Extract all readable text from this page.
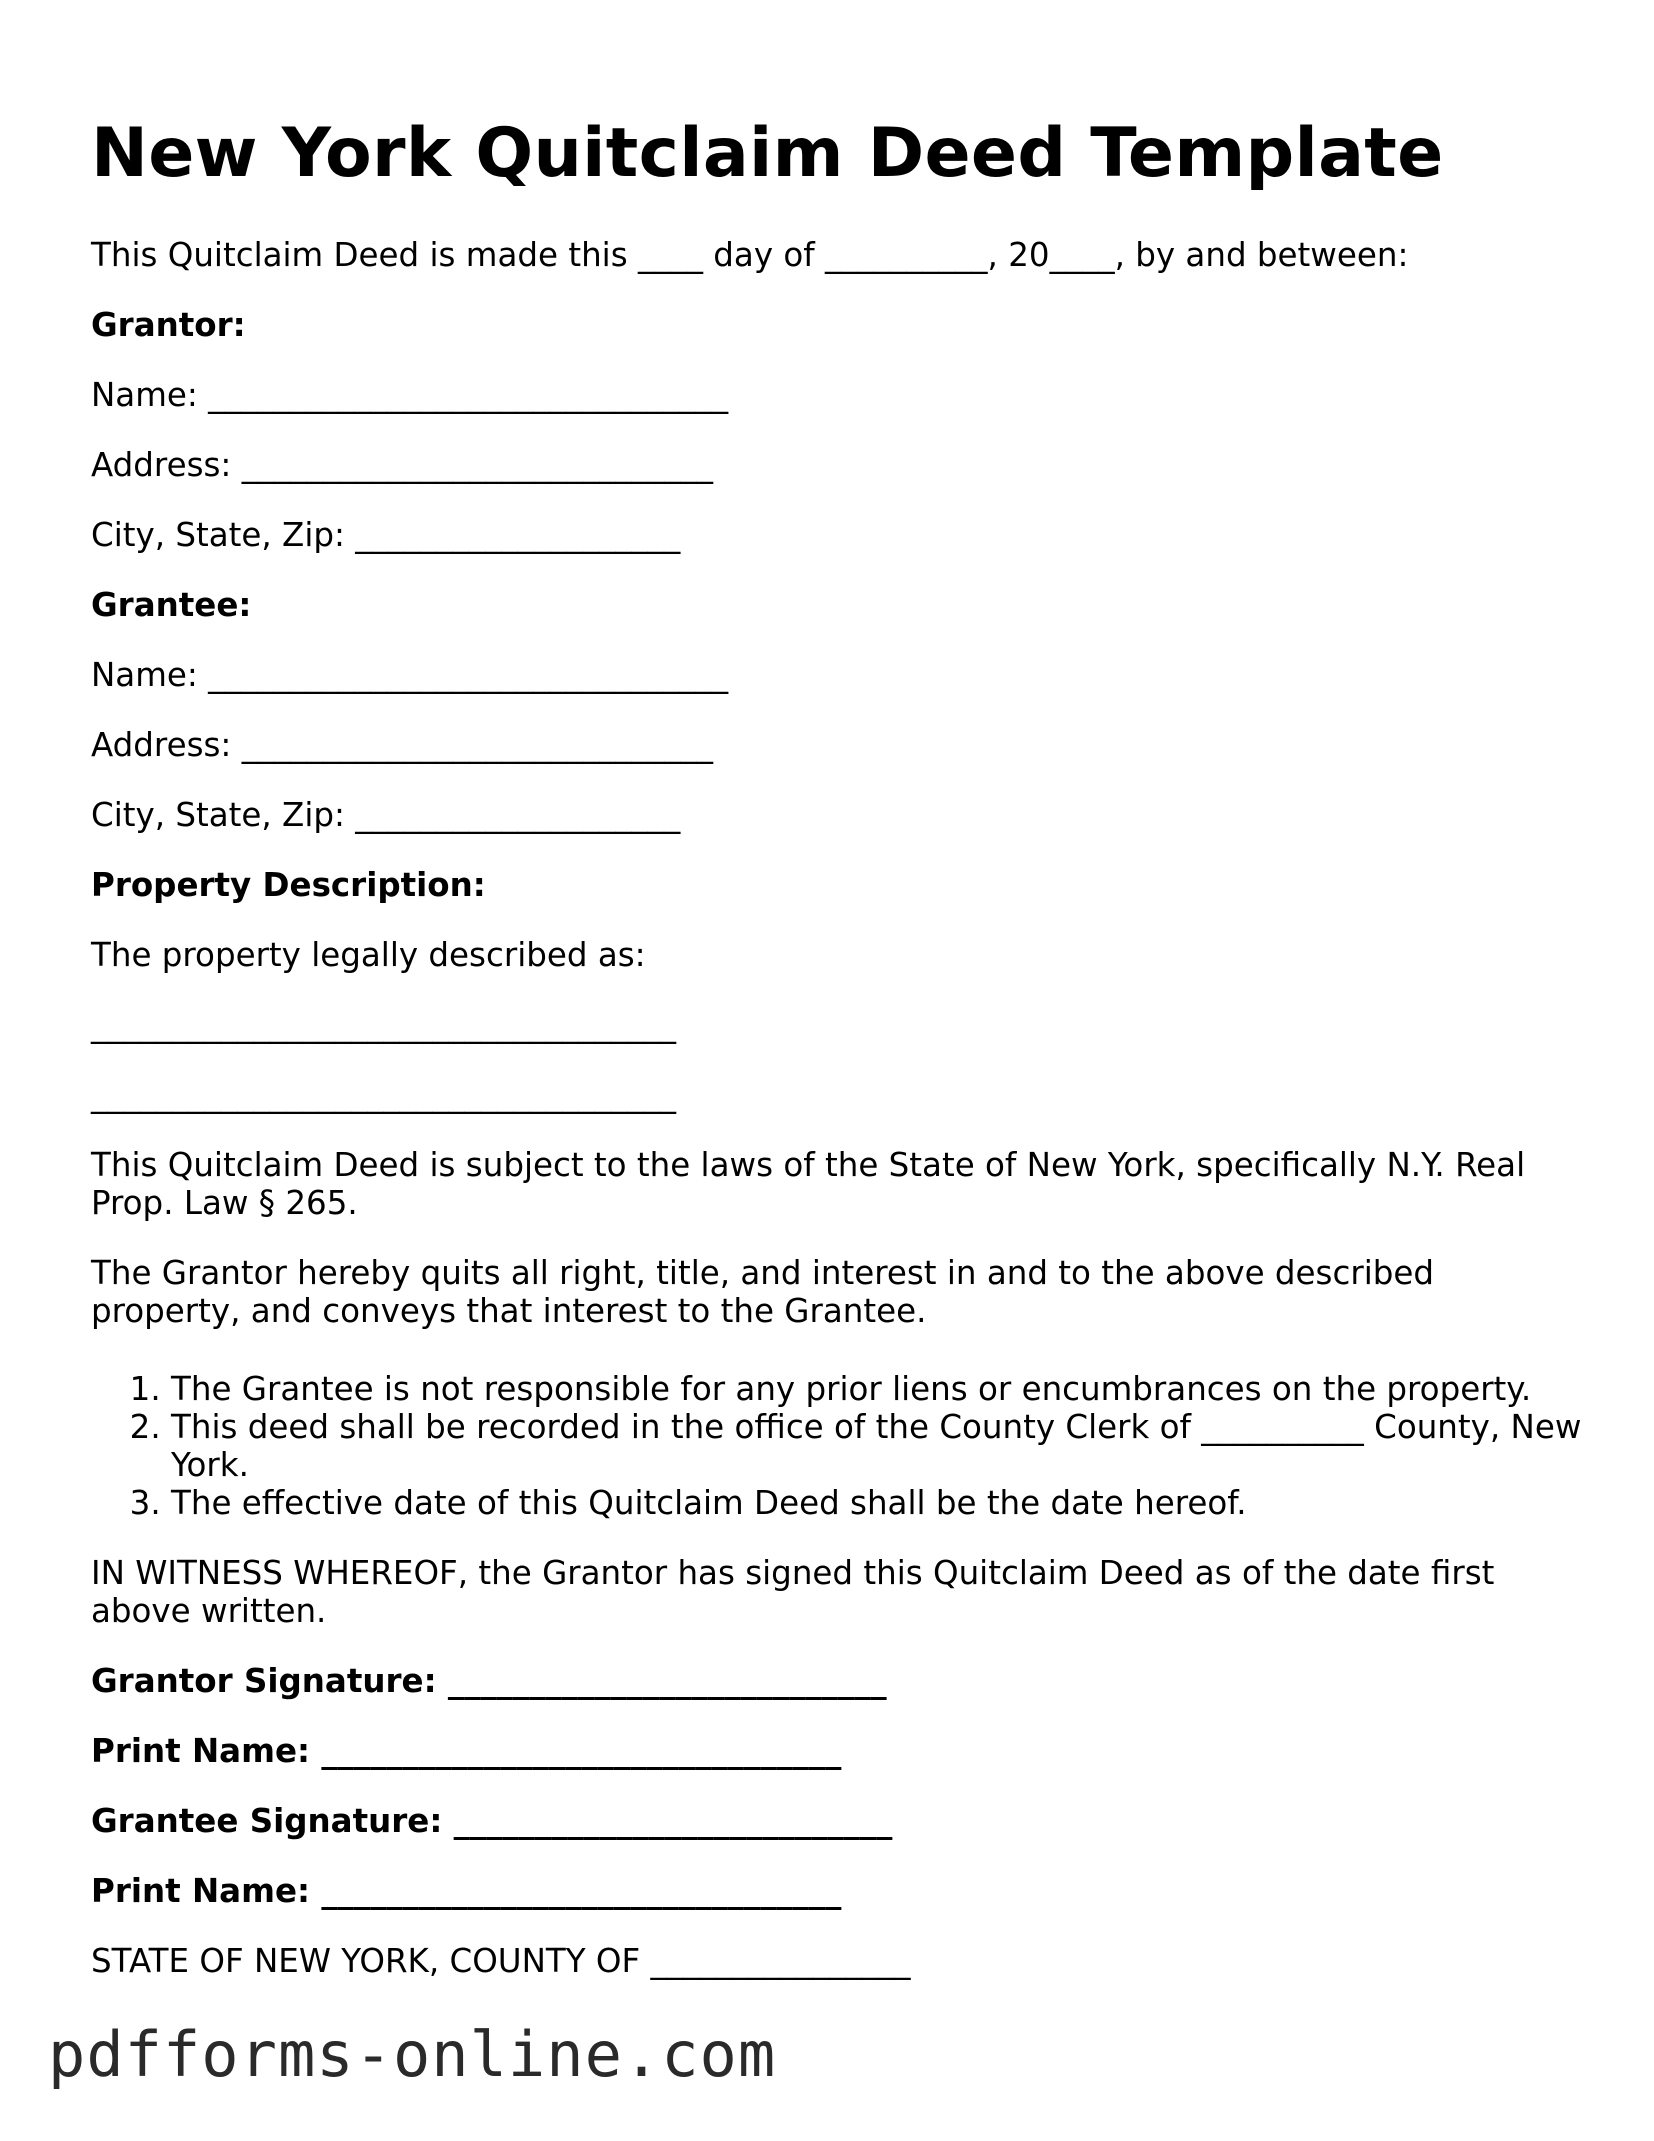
New York Quitclaim Deed Template
This Quitclaim Deed is made this ____ day of __________, 20____, by and between:
Grantor:
Name: ________________________________
Address: _____________________________
City, State, Zip: ____________________
Grantee:
Name: ________________________________
Address: _____________________________
City, State, Zip: ____________________
Property Description:
The property legally described as:
____________________________________
____________________________________
This Quitclaim Deed is subject to the laws of the State of New York, specifically N.Y. Real Prop. Law § 265.
The Grantor hereby quits all right, title, and interest in and to the above described property, and conveys that interest to the Grantee.
1. The Grantee is not responsible for any prior liens or encumbrances on the property.
2. This deed shall be recorded in the office of the County Clerk of __________ County, New York.
3. The effective date of this Quitclaim Deed shall be the date hereof.
IN WITNESS WHEREOF, the Grantor has signed this Quitclaim Deed as of the date first above written.
Grantor Signature: ___________________________
Print Name: ________________________________
Grantee Signature: ___________________________
Print Name: ________________________________
STATE OF NEW YORK, COUNTY OF ________________
pdfforms-online.com
